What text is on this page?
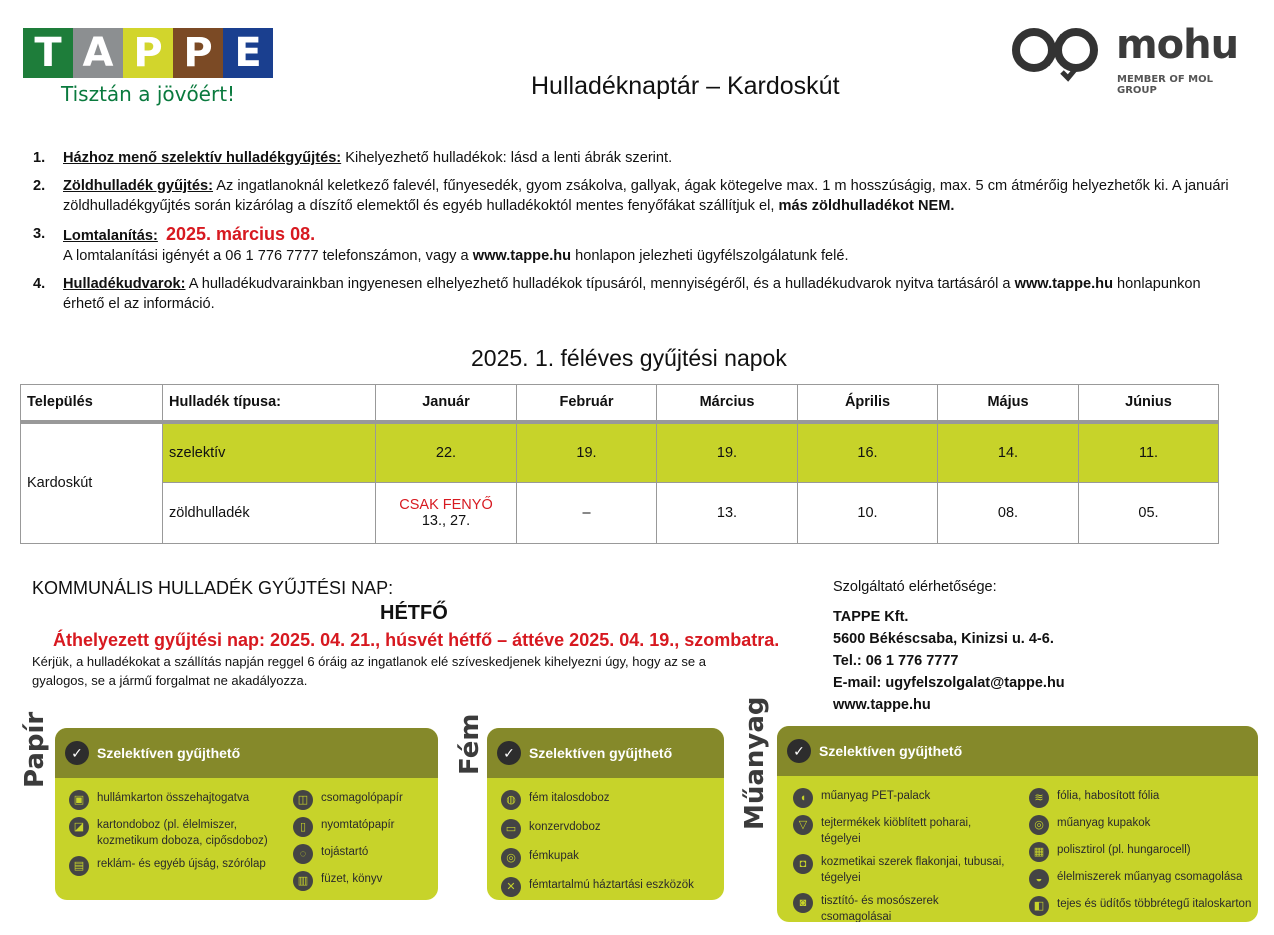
T A P P E
Tisztán a jövőért!
mohu
MEMBER OF MOL GROUP
Hulladéknaptár – Kardoskút
1.	Házhoz menő szelektív hulladékgyűjtés: Kihelyezhető hulladékok: lásd a lenti ábrák szerint.
2.	Zöldhulladék gyűjtés: Az ingatlanoknál keletkező falevél, fűnyesedék, gyom zsákolva, gallyak, ágak kötegelve max. 1 m hosszúságig, max. 5 cm átmérőig helyezhetők ki. A januári zöldhulladékgyűjtés során kizárólag a díszítő elemektől és egyéb hulladékoktól mentes fenyőfákat szállítjuk el, más zöldhulladékot NEM.
3.	Lomtalanítás: 2025. március 08.
A lomtalanítási igényét a 06 1 776 7777 telefonszámon, vagy a www.tappe.hu honlapon jelezheti ügyfélszolgálatunk felé.
4.	Hulladékudvarok: A hulladékudvarainkban ingyenesen elhelyezhető hulladékok típusáról, mennyiségéről, és a hulladékudvarok nyitva tartásáról a www.tappe.hu honlapunkon érhető el az információ.
2025. 1. féléves gyűjtési napok
Település	Hulladék típusa:	Január	Február	Március	Április	Május	Június
Kardoskút	szelektív	22.	19.	19.	16.	14.	11.
	zöldhulladék	CSAK FENYŐ
13., 27.	–	13.	10.	08.	05.
KOMMUNÁLIS HULLADÉK GYŰJTÉSI NAP:
HÉTFŐ
Áthelyezett gyűjtési nap: 2025. 04. 21., húsvét hétfő – áttéve 2025. 04. 19., szombatra.
Kérjük, a hulladékokat a szállítás napján reggel 6 óráig az ingatlanok elé szíveskedjenek kihelyezni úgy, hogy az se a gyalogos, se a jármű forgalmat ne akadályozza.
Szolgáltató elérhetősége:
TAPPE Kft.
5600 Békéscsaba, Kinizsi u. 4-6.
Tel.: 06 1 776 7777
E-mail: ugyfelszolgalat@tappe.hu
www.tappe.hu
Papír	✓	Szelektíven gyűjthető
▣	hullámkarton összehajtogatva
◪	kartondoboz (pl. élelmiszer, kozmetikum doboza, cipősdoboz)
▤	reklám- és egyéb újság, szórólap
◫	csomagolópapír
▯	nyomtatópapír
◌	tojástartó
▥	füzet, könyv
Fém	✓	Szelektíven gyűjthető
◍	fém italosdoboz
▭	konzervdoboz
◎	fémkupak
✕	fémtartalmú háztartási eszközök
Műanyag	✓	Szelektíven gyűjthető
◖	műanyag PET-palack
▽	tejtermékek kiöblített poharai, tégelyei
◘	kozmetikai szerek flakonjai, tubusai, tégelyei
◙	tisztító- és mosószerek csomagolásai
≋	fólia, habosított fólia
◎	műanyag kupakok
▦	polisztirol (pl. hungarocell)
◒	élelmiszerek műanyag csomagolása
◧	tejes és üdítős többrétegű italoskarton
